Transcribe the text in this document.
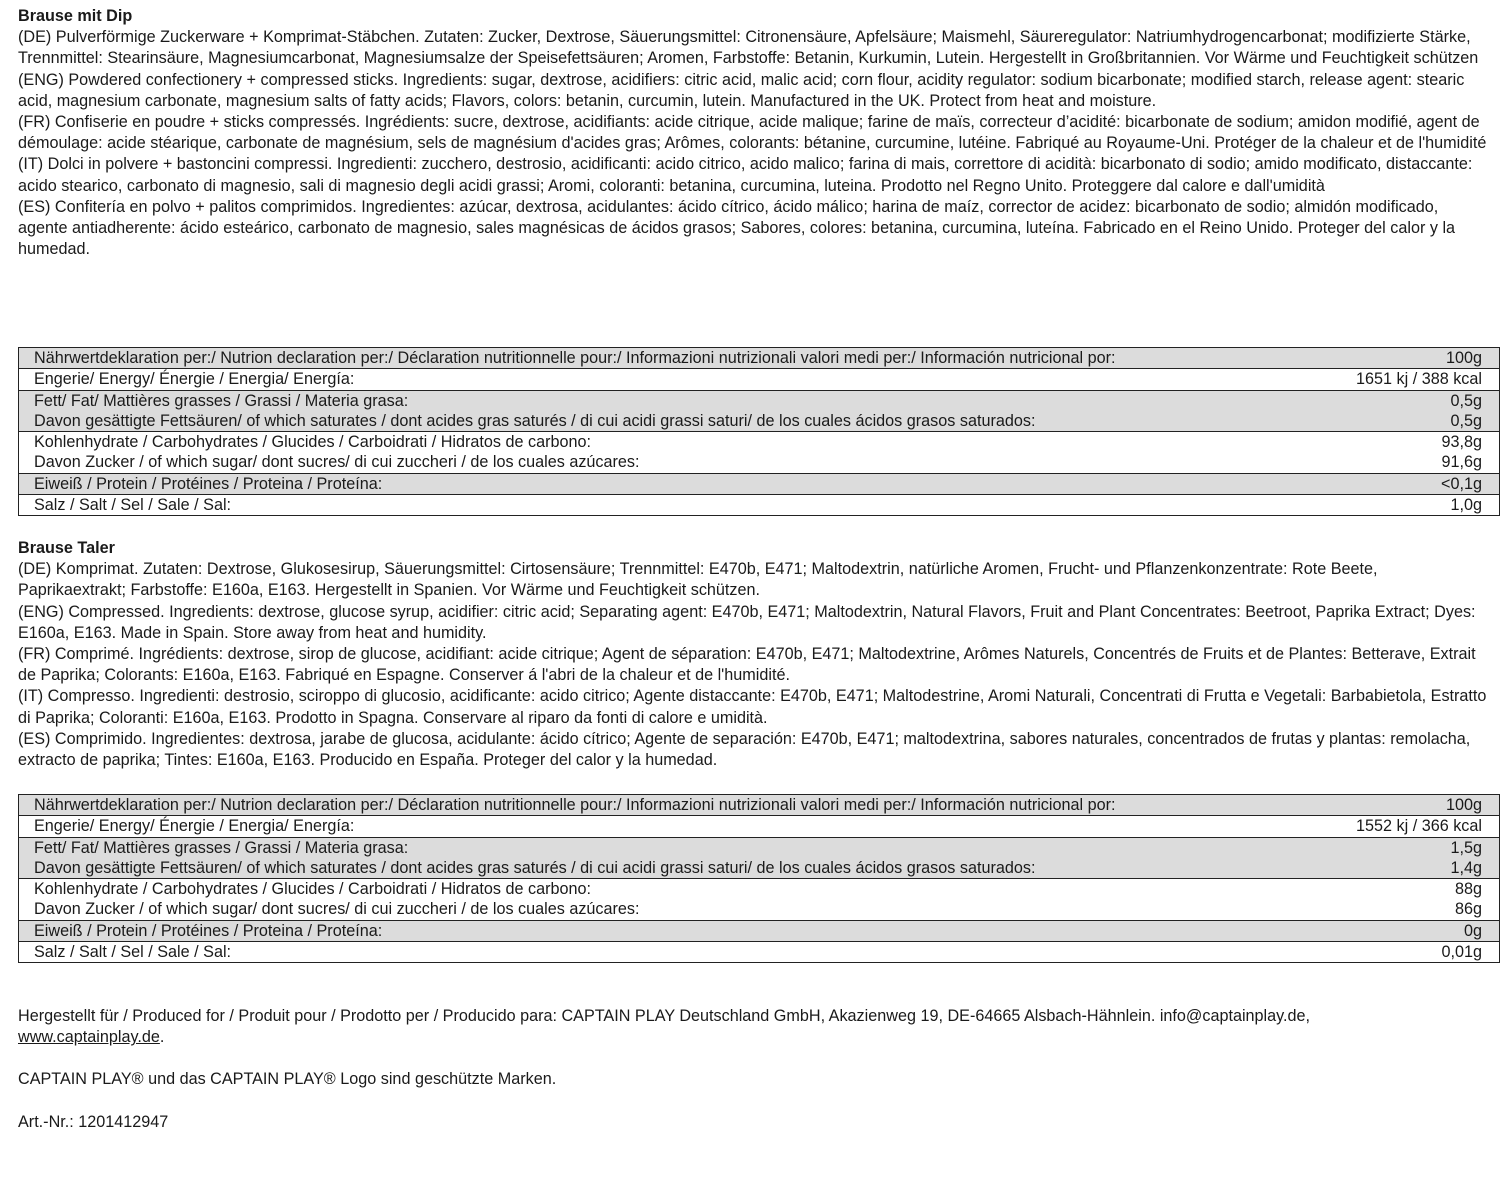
Brause mit Dip

(DE) Pulverförmige Zuckerware + Komprimat-Stäbchen. Zutaten: Zucker, Dextrose, Säuerungsmittel: Citronensäure, Apfelsäure; Maismehl, Säureregulator: Natriumhydrogencarbonat; modifizierte Stärke, Trennmittel: Stearinsäure, Magnesiumcarbonat, Magnesiumsalze der Speisefettsäuren; Aromen, Farbstoffe: Betanin, Kurkumin, Lutein. Hergestellt in Großbritannien. Vor Wärme und Feuchtigkeit schützen

(ENG) Powdered confectionery + compressed sticks. Ingredients: sugar, dextrose, acidifiers: citric acid, malic acid; corn flour, acidity regulator: sodium bicarbonate; modified starch, release agent: stearic acid, magnesium carbonate, magnesium salts of fatty acids; Flavors, colors: betanin, curcumin, lutein. Manufactured in the UK. Protect from heat and moisture.

(FR) Confiserie en poudre + sticks compressés. Ingrédients: sucre, dextrose, acidifiants: acide citrique, acide malique; farine de maïs, correcteur d’acidité: bicarbonate de sodium; amidon modifié, agent de démoulage: acide stéarique, carbonate de magnésium, sels de magnésium d'acides gras; Arômes, colorants: bétanine, curcumine, lutéine. Fabriqué au Royaume-Uni. Protéger de la chaleur et de l'humidité

(IT) Dolci in polvere + bastoncini compressi. Ingredienti: zucchero, destrosio, acidificanti: acido citrico, acido malico; farina di mais, correttore di acidità: bicarbonato di sodio; amido modificato, distaccante: acido stearico, carbonato di magnesio, sali di magnesio degli acidi grassi; Aromi, coloranti: betanina, curcumina, luteina. Prodotto nel Regno Unito. Proteggere dal calore e dall'umidità

(ES) Confitería en polvo + palitos comprimidos. Ingredientes: azúcar, dextrosa, acidulantes: ácido cítrico, ácido málico; harina de maíz, corrector de acidez: bicarbonato de sodio; almidón modificado, agente antiadherente: ácido esteárico, carbonato de magnesio, sales magnésicas de ácidos grasos; Sabores, colores: betanina, curcumina, luteína. Fabricado en el Reino Unido. Proteger del calor y la humedad.

Nährwertdeklaration per:/ Nutrion declaration per:/ Déclaration nutritionnelle pour:/ Informazioni nutrizionali valori medi per:/ Información nutricional por:	100g
Engerie/ Energy/ Énergie / Energia/ Energía:	1651 kj / 388 kcal
Fett/ Fat/ Mattières grasses / Grassi / Materia grasa:	0,5g
Davon gesättigte Fettsäuren/ of which saturates / dont acides gras saturés / di cui acidi grassi saturi/ de los cuales ácidos grasos saturados:	0,5g
Kohlenhydrate / Carbohydrates / Glucides / Carboidrati / Hidratos de carbono:	93,8g
Davon Zucker / of which sugar/ dont sucres/ di cui zuccheri / de los cuales azúcares:	91,6g
Eiweiß / Protein / Protéines / Proteina / Proteína:	<0,1g
Salz / Salt / Sel / Sale / Sal:	1,0g

Brause Taler

(DE) Komprimat. Zutaten: Dextrose, Glukosesirup, Säuerungsmittel: Cirtosensäure; Trennmittel: E470b, E471; Maltodextrin, natürliche Aromen, Frucht- und Pflanzenkonzentrate: Rote Beete, Paprikaextrakt; Farbstoffe: E160a, E163. Hergestellt in Spanien. Vor Wärme und Feuchtigkeit schützen.

(ENG) Compressed. Ingredients: dextrose, glucose syrup, acidifier: citric acid; Separating agent: E470b, E471; Maltodextrin, Natural Flavors, Fruit and Plant Concentrates: Beetroot, Paprika Extract; Dyes: E160a, E163. Made in Spain. Store away from heat and humidity.

(FR) Comprimé. Ingrédients: dextrose, sirop de glucose, acidifiant: acide citrique; Agent de séparation: E470b, E471; Maltodextrine, Arômes Naturels, Concentrés de Fruits et de Plantes: Betterave, Extrait de Paprika; Colorants: E160a, E163. Fabriqué en Espagne. Conserver á l'abri de la chaleur et de l'humidité.

(IT) Compresso. Ingredienti: destrosio, sciroppo di glucosio, acidificante: acido citrico; Agente distaccante: E470b, E471; Maltodestrine, Aromi Naturali, Concentrati di Frutta e Vegetali: Barbabietola, Estratto di Paprika; Coloranti: E160a, E163. Prodotto in Spagna. Conservare al riparo da fonti di calore e umidità.

(ES) Comprimido. Ingredientes: dextrosa, jarabe de glucosa, acidulante: ácido cítrico; Agente de separación: E470b, E471; maltodextrina, sabores naturales, concentrados de frutas y plantas: remolacha, extracto de paprika; Tintes: E160a, E163. Producido en España. Proteger del calor y la humedad.

Nährwertdeklaration per:/ Nutrion declaration per:/ Déclaration nutritionnelle pour:/ Informazioni nutrizionali valori medi per:/ Información nutricional por:	100g
Engerie/ Energy/ Énergie / Energia/ Energía:	1552 kj / 366 kcal
Fett/ Fat/ Mattières grasses / Grassi / Materia grasa:	1,5g
Davon gesättigte Fettsäuren/ of which saturates / dont acides gras saturés / di cui acidi grassi saturi/ de los cuales ácidos grasos saturados:	1,4g
Kohlenhydrate / Carbohydrates / Glucides / Carboidrati / Hidratos de carbono:	88g
Davon Zucker / of which sugar/ dont sucres/ di cui zuccheri / de los cuales azúcares:	86g
Eiweiß / Protein / Protéines / Proteina / Proteína:	0g
Salz / Salt / Sel / Sale / Sal:	0,01g

Hergestellt für / Produced for / Produit pour / Prodotto per / Producido para: CAPTAIN PLAY Deutschland GmbH, Akazienweg 19, DE-64665 Alsbach-Hähnlein. info@captainplay.de,
www.captainplay.de.

CAPTAIN PLAY® und das CAPTAIN PLAY® Logo sind geschützte Marken.

Art.-Nr.: 1201412947
